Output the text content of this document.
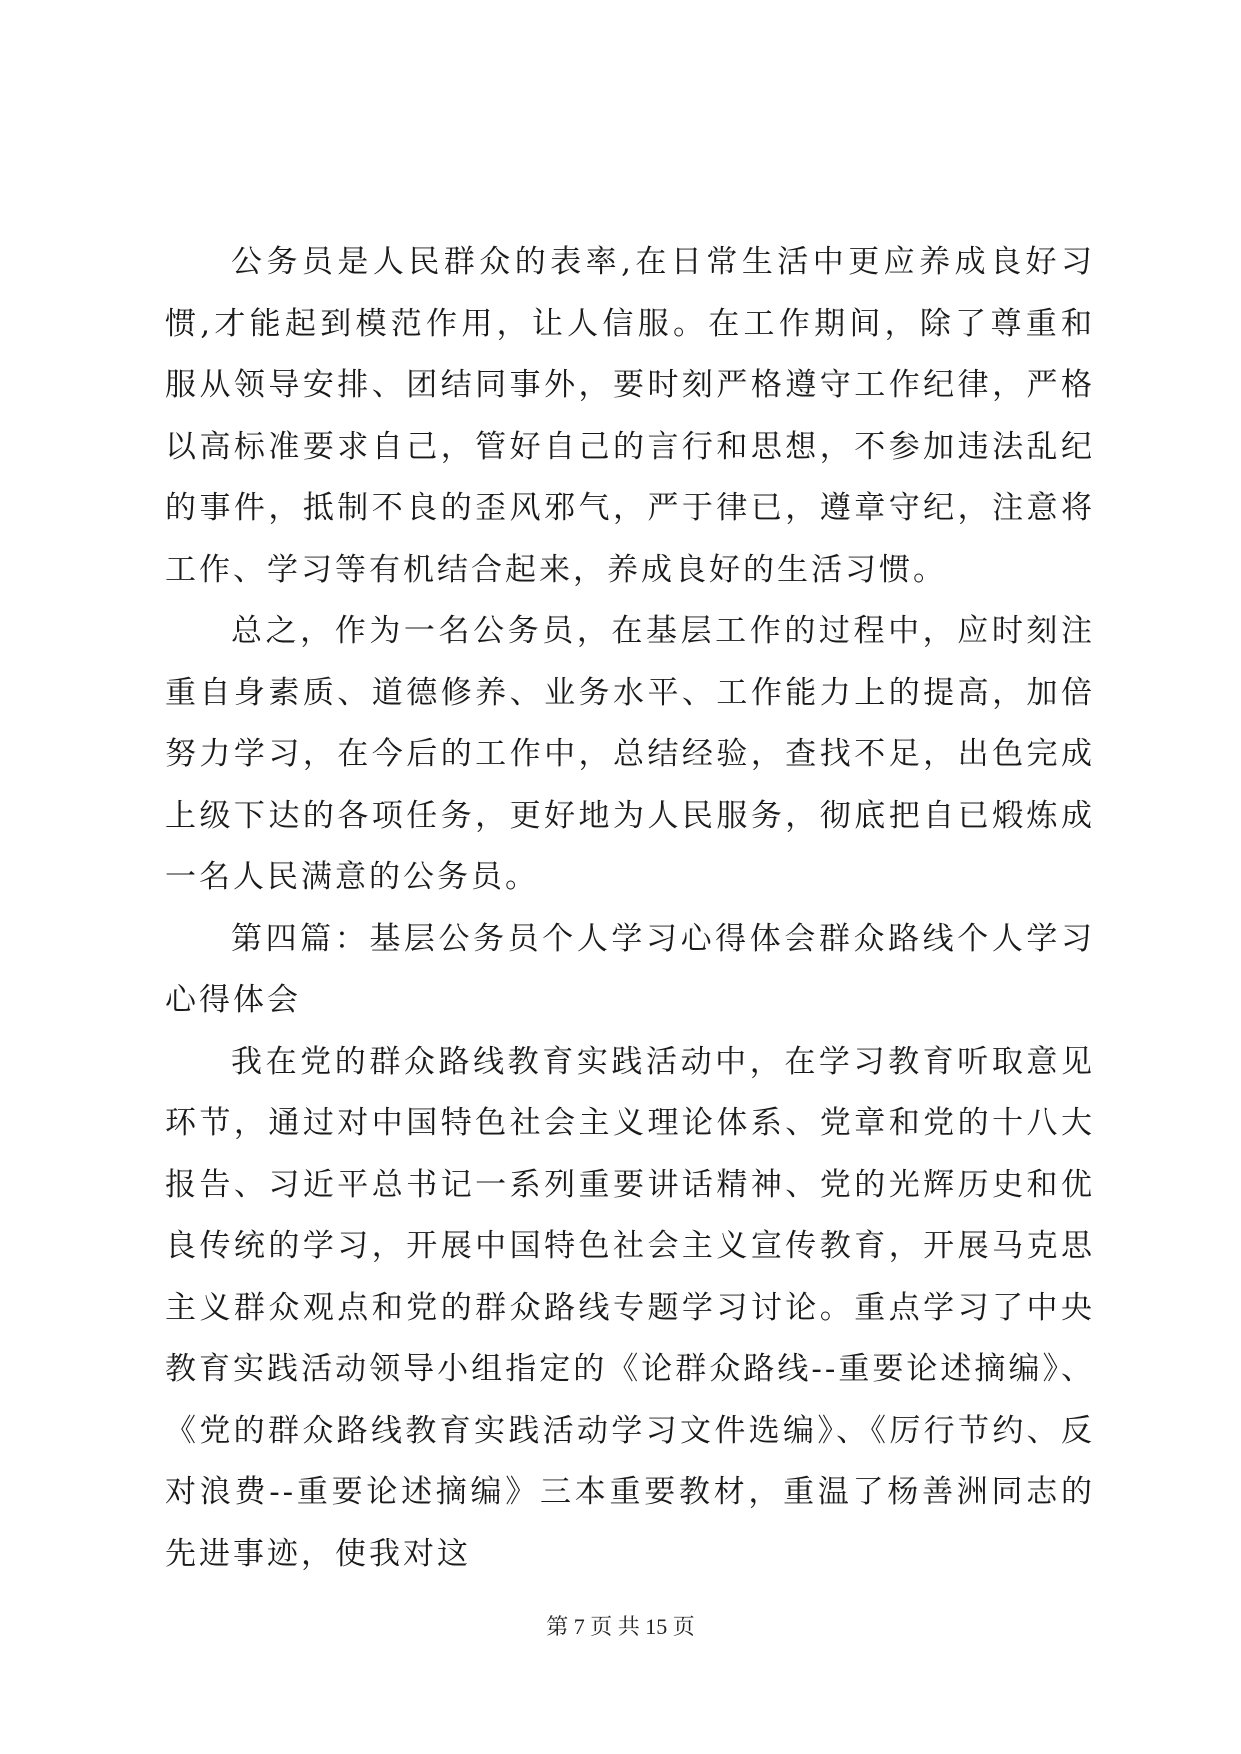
公务员是人民群众的表率,在日常生活中更应养成良好习惯,才能起到模范作用，让人信服。在工作期间，除了尊重和服从领导安排、团结同事外，要时刻严格遵守工作纪律，严格以高标准要求自己，管好自己的言行和思想，不参加违法乱纪的事件，抵制不良的歪风邪气，严于律已，遵章守纪，注意将工作、学习等有机结合起来，养成良好的生活习惯。

总之，作为一名公务员，在基层工作的过程中，应时刻注重自身素质、道德修养、业务水平、工作能力上的提高，加倍努力学习，在今后的工作中，总结经验，查找不足，出色完成上级下达的各项任务，更好地为人民服务，彻底把自已煅炼成一名人民满意的公务员。

第四篇：基层公务员个人学习心得体会群众路线个人学习心得体会

我在党的群众路线教育实践活动中，在学习教育听取意见环节，通过对中国特色社会主义理论体系、党章和党的十八大报告、习近平总书记一系列重要讲话精神、党的光辉历史和优良传统的学习，开展中国特色社会主义宣传教育，开展马克思主义群众观点和党的群众路线专题学习讨论。重点学习了中央教育实践活动领导小组指定的《论群众路线--重要论述摘编》、《党的群众路线教育实践活动学习文件选编》、《厉行节约、反对浪费--重要论述摘编》三本重要教材，重温了杨善洲同志的先进事迹，使我对这

第 7 页 共 15 页
